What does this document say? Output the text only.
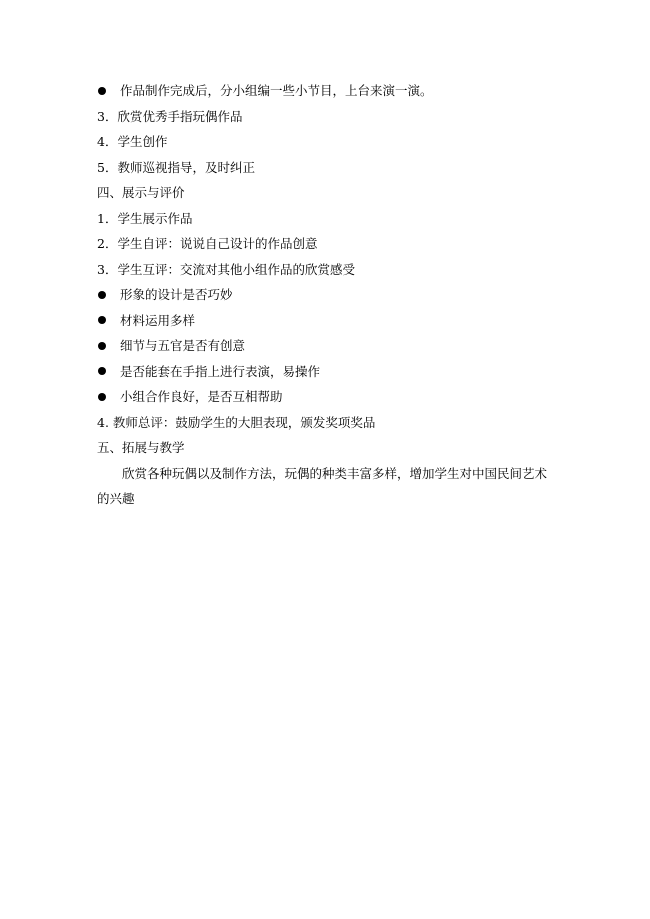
作品制作完成后，分小组编一些小节目，上台来演一演。
3．欣赏优秀手指玩偶作品
4．学生创作
5．教师巡视指导，及时纠正
四、展示与评价
1．学生展示作品
2．学生自评：说说自己设计的作品创意
3．学生互评：交流对其他小组作品的欣赏感受
形象的设计是否巧妙
材料运用多样
细节与五官是否有创意
是否能套在手指上进行表演，易操作
小组合作良好，是否互相帮助
4. 教师总评：鼓励学生的大胆表现，颁发奖项奖品
五、拓展与教学
欣赏各种玩偶以及制作方法，玩偶的种类丰富多样，增加学生对中国民间艺术的兴趣
